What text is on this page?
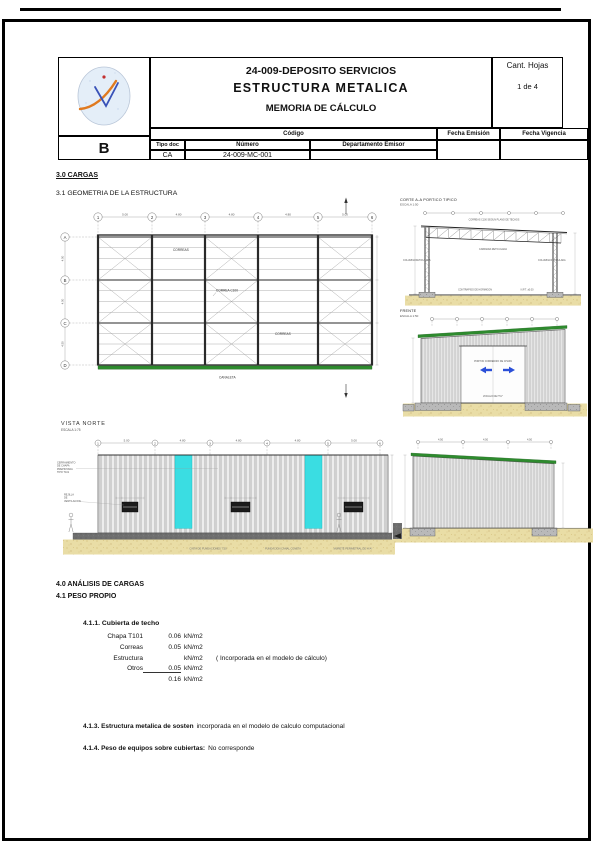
B
24-009-DEPOSITO SERVICIOS
ESTRUCTURA METALICA
MEMORIA DE CÁLCULO
Cant. Hojas
1 de 4
Código	Fecha Emisión	Fecha Vigencia
Tipo doc	Número	Departamento Emisor
CA	24-009-MC-001
3.0 CARGAS
3.1 GEOMETRIA DE LA ESTRUCTURA
1
5.00
2
4.80
3
4.80
4
4.80
5
5.00
6
A
4.50
B
4.50
C
4.50
D
CORREAS
CORREA C100
CORREAS
CANALETA
CORTE A-A PORTICO TIPICO
ESCALA 1:50
CORREAS C100 SEGUN PLANO DE TECHOS
CABRIADA RETICULADA
COLUMNA RETICULADA	COLUMNA RETICULADA
CONTRAPISO DE HORMIGON	N.P.T. ±0.00
FRENTE
ESCALA 1:50
PORTON CORREDIZO DE CHAPA
ZOCALO DE H°A°
VISTA NORTE
ESCALA 1:75
1
5.00
2
4.80
3
4.80
4
4.80
5
5.00
6
CERRAMIENTO
DE CHAPA
PREPINTADA
TIPO T101
REJILLA
DE
VENTILACION
CINTA DE FUNDACIONES 7.50	FUNDACION CANAL CUNETA	MURETE PERIMETRAL DE H°A°
4.50	4.50	4.50
4.0 ANÁLISIS DE CARGAS
4.1 PESO PROPIO
4.1.1. Cubierta de techo
Chapa T101	0.06 kN/m2
Correas	0.05 kN/m2
Estructura	kN/m2	( Incorporada en el modelo de cálculo)
Otros	0.05 kN/m2
0.16 kN/m2
4.1.3. Estructura metalica de sosten incorporada en el modelo de calculo computacional
4.1.4. Peso de equipos sobre cubiertas: No corresponde
